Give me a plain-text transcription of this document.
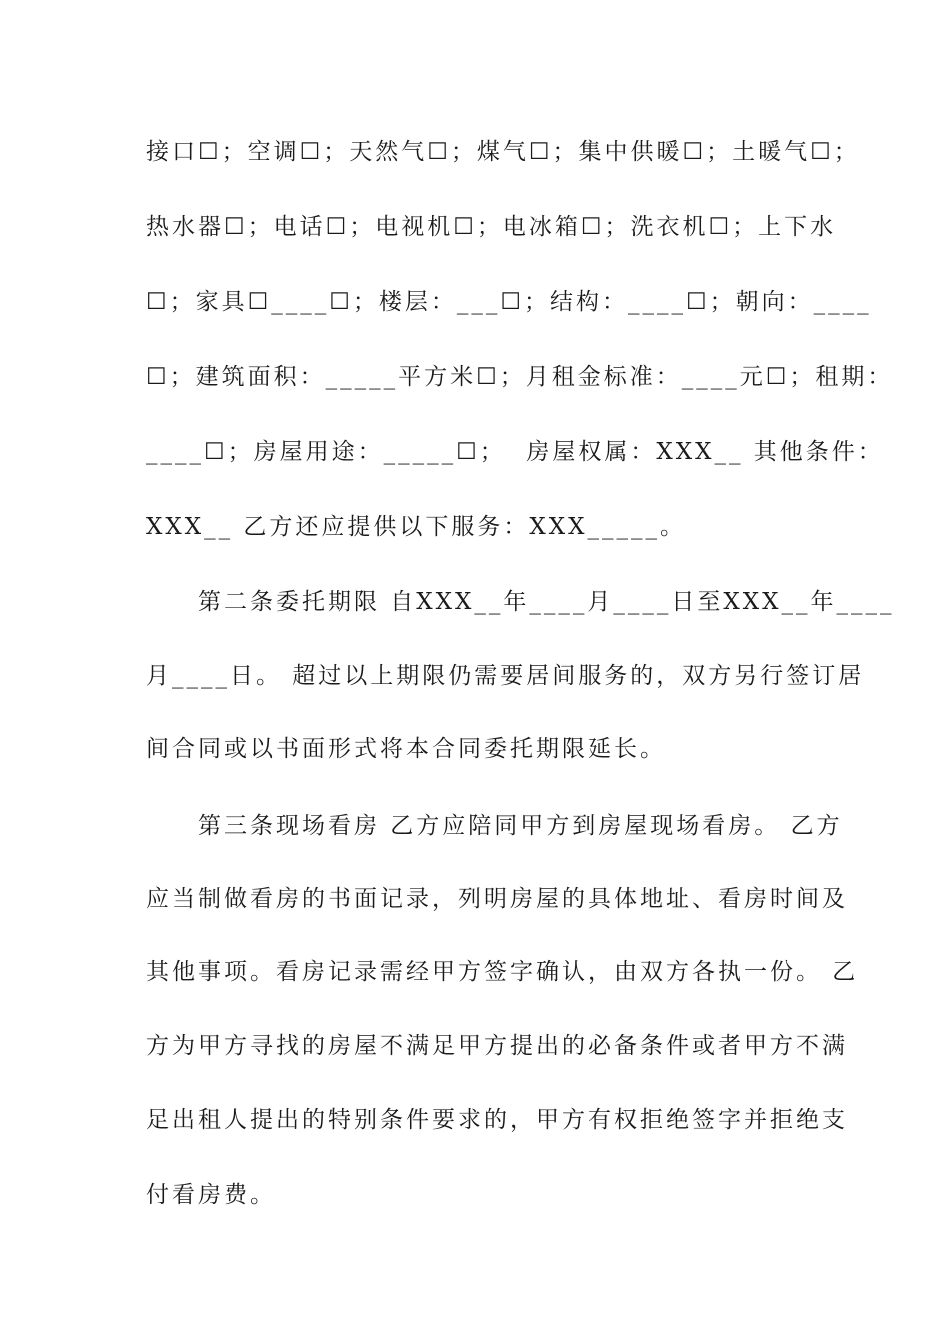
接口☐；空调☐；天然气☐；煤气☐；集中供暖☐；土暖气☐；
热水器☐；电话☐；电视机☐；电冰箱☐；洗衣机☐；上下水
☐；家具☐____☐；楼层：___☐；结构：____☐；朝向：____
☐；建筑面积：_____平方米☐；月租金标准：____元☐；租期：
____☐；房屋用途：_____☐；  房屋权属：XXX__ 其他条件：
XXX__ 乙方还应提供以下服务：XXX_____。
第二条委托期限 自XXX__年____月____日至XXX__年____
月____日。 超过以上期限仍需要居间服务的，双方另行签订居
间合同或以书面形式将本合同委托期限延长。
第三条现场看房 乙方应陪同甲方到房屋现场看房。 乙方
应当制做看房的书面记录，列明房屋的具体地址、看房时间及
其他事项。看房记录需经甲方签字确认，由双方各执一份。 乙
方为甲方寻找的房屋不满足甲方提出的必备条件或者甲方不满
足出租人提出的特别条件要求的，甲方有权拒绝签字并拒绝支
付看房费。
